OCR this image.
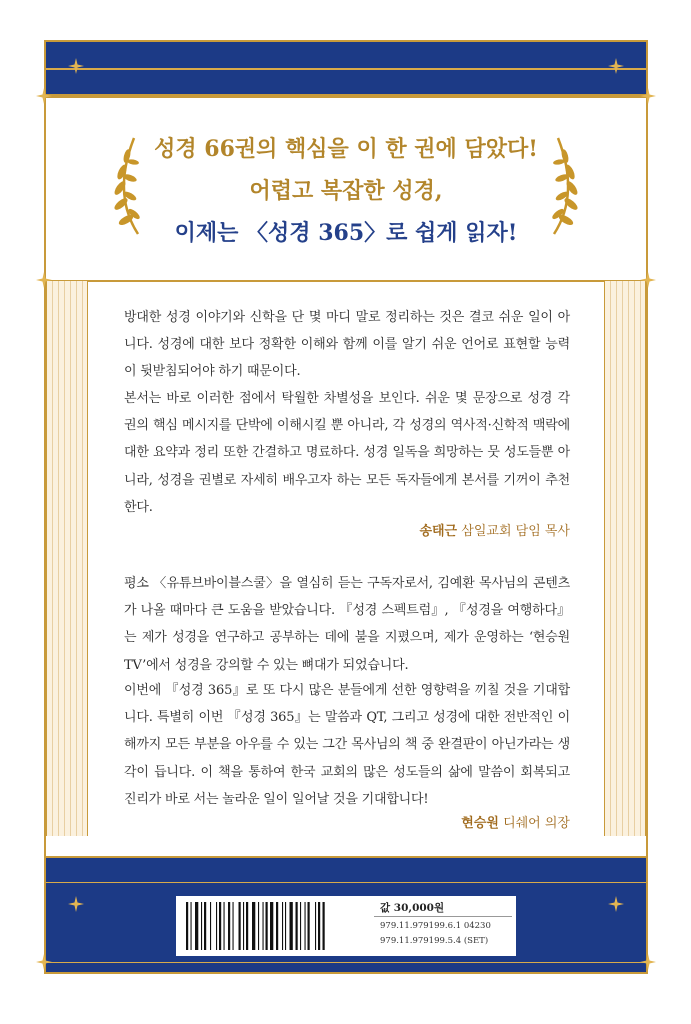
성경 66권의 핵심을 이 한 권에 담았다!
어렵고 복잡한 성경,
이제는 〈성경 365〉로 쉽게 읽자!
방대한 성경 이야기와 신학을 단 몇 마디 말로 정리하는 것은 결코 쉬운 일이 아니다. 성경에 대한 보다 정확한 이해와 함께 이를 알기 쉬운 언어로 표현할 능력이 뒷받침되어야 하기 때문이다.
본서는 바로 이러한 점에서 탁월한 차별성을 보인다. 쉬운 몇 문장으로 성경 각 권의 핵심 메시지를 단박에 이해시킬 뿐 아니라, 각 성경의 역사적·신학적 맥락에 대한 요약과 정리 또한 간결하고 명료하다. 성경 일독을 희망하는 뭇 성도들뿐 아니라, 성경을 권별로 자세히 배우고자 하는 모든 독자들에게 본서를 기꺼이 추천한다.
송태근 삼일교회 담임 목사
평소 〈유튜브바이블스쿨〉을 열심히 듣는 구독자로서, 김예환 목사님의 콘텐츠가 나올 때마다 큰 도움을 받았습니다. 『성경 스펙트럼』, 『성경을 여행하다』는 제가 성경을 연구하고 공부하는 데에 불을 지폈으며, 제가 운영하는 ‘현승원TV’에서 성경을 강의할 수 있는 뼈대가 되었습니다.
이번에 『성경 365』로 또 다시 많은 분들에게 선한 영향력을 끼칠 것을 기대합니다. 특별히 이번 『성경 365』는 말씀과 QT, 그리고 성경에 대한 전반적인 이해까지 모든 부분을 아우를 수 있는 그간 목사님의 책 중 완결판이 아닌가라는 생각이 듭니다. 이 책을 통하여 한국 교회의 많은 성도들의 삶에 말씀이 회복되고 진리가 바로 서는 놀라운 일이 일어날 것을 기대합니다!
현승원 디쉐어 의장
값 30,000원
979.11.979199.6.1 04230
979.11.979199.5.4 (SET)
